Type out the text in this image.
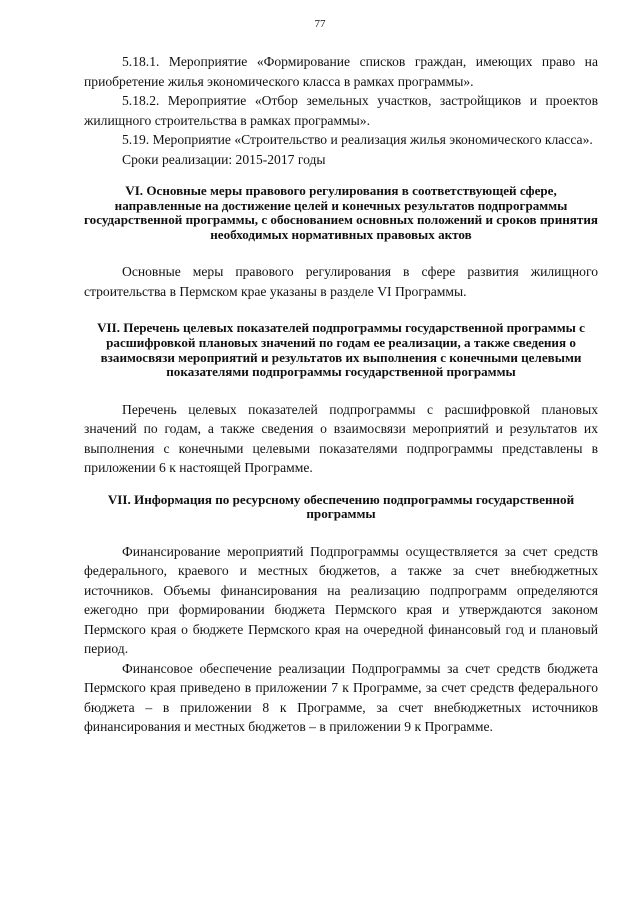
77

5.18.1. Мероприятие «Формирование списков граждан, имеющих право на приобретение жилья экономического класса в рамках программы».

5.18.2. Мероприятие «Отбор земельных участков, застройщиков и проектов жилищного строительства в рамках программы».

5.19. Мероприятие «Строительство и реализация жилья экономического класса».

Сроки реализации: 2015-2017 годы

VI. Основные меры правового регулирования в соответствующей сфере, направленные на достижение целей и конечных результатов подпрограммы государственной программы, с обоснованием основных положений и сроков принятия необходимых нормативных правовых актов

Основные меры правового регулирования в сфере развития жилищного строительства в Пермском крае указаны в разделе VI Программы.

VII. Перечень целевых показателей подпрограммы государственной программы с расшифровкой плановых значений по годам ее реализации, а также сведения о взаимосвязи мероприятий и результатов их выполнения с конечными целевыми показателями подпрограммы государственной программы

Перечень целевых показателей подпрограммы с расшифровкой плановых значений по годам, а также сведения о взаимосвязи мероприятий и результатов их выполнения с конечными целевыми показателями подпрограммы представлены в приложении 6 к настоящей Программе.

VII. Информация по ресурсному обеспечению подпрограммы государственной программы

Финансирование мероприятий Подпрограммы осуществляется за счет средств федерального, краевого и местных бюджетов, а также за счет внебюджетных источников. Объемы финансирования на реализацию подпрограмм определяются ежегодно при формировании бюджета Пермского края и утверждаются законом Пермского края о бюджете Пермского края на очередной финансовый год и плановый период.

Финансовое обеспечение реализации Подпрограммы за счет средств бюджета Пермского края приведено в приложении 7 к Программе, за счет средств федерального бюджета – в приложении 8 к Программе, за счет внебюджетных источников финансирования и местных бюджетов – в приложении 9 к Программе.
